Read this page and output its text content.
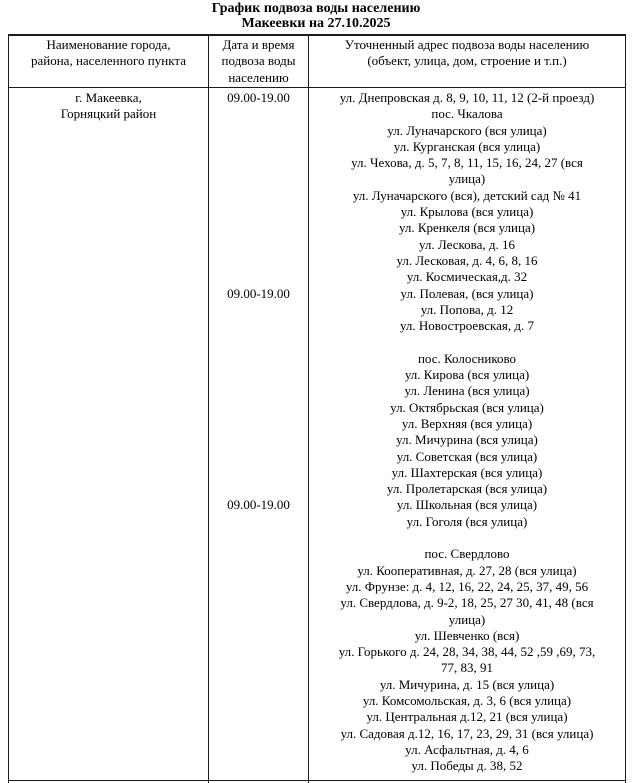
График подвоза воды населению
Макеевки на 27.10.2025
Наименование города,
района, населенного пункта
Дата и время
подвоза воды
населению
Уточненный адрес подвоза воды населению
(объект, улица, дом, строение и т.п.)
г. Макеевка,
Горняцкий район
09.00-19.00

09.00-19.00

09.00-19.00

ул. Днепровская д. 8, 9, 10, 11, 12 (2-й проезд)
пос. Чкалова
ул. Луначарского (вся улица)
ул. Курганская (вся улица)
ул. Чехова, д. 5, 7, 8, 11, 15, 16, 24, 27 (вся
улица)
ул. Луначарского (вся), детский сад № 41
ул. Крылова (вся улица)
ул. Кренкеля (вся улица)
ул. Лескова, д. 16
ул. Лесковая, д. 4, 6, 8, 16
ул. Космическая,д. 32
ул. Полевая, (вся улица)
ул. Попова, д. 12
ул. Новостроевская, д. 7

пос. Колосниково
ул. Кирова (вся улица)
ул. Ленина (вся улица)
ул. Октябрьская (вся улица)
ул. Верхняя (вся улица)
ул. Мичурина (вся улица)
ул. Советская (вся улица)
ул. Шахтерская (вся улица)
ул. Пролетарская (вся улица)
ул. Школьная (вся улица)
ул. Гоголя (вся улица)

пос. Свердлово
ул. Кооперативная, д. 27, 28 (вся улица)
ул. Фрунзе: д. 4, 12, 16, 22, 24, 25, 37, 49, 56
ул. Свердлова, д. 9-2, 18, 25, 27 30, 41, 48 (вся
улица)
ул. Шевченко (вся)
ул. Горького д. 24, 28, 34, 38, 44, 52 ,59 ,69, 73,
77, 83, 91
ул. Мичурина, д. 15 (вся улица)
ул. Комсомольская, д. 3, 6 (вся улица)
ул. Центральная д.12, 21 (вся улица)
ул. Садовая д.12, 16, 17, 23, 29, 31 (вся улица)
ул. Асфальтная, д. 4, 6
ул. Победы д. 38, 52
